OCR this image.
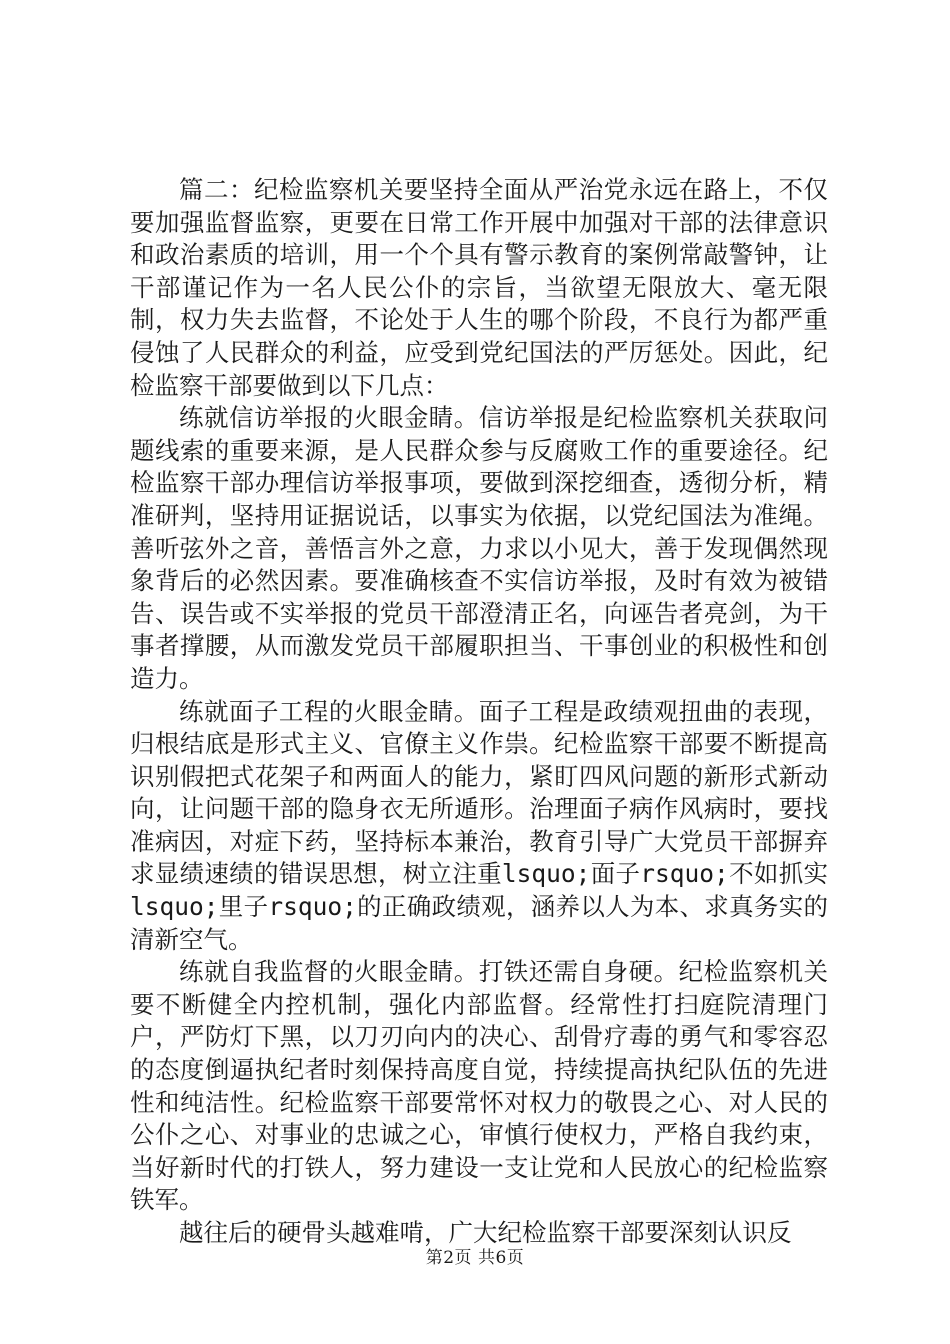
篇二：纪检监察机关要坚持全面从严治党永远在路上，不仅要加强监督监察，更要在日常工作开展中加强对干部的法律意识和政治素质的培训，用一个个具有警示教育的案例常敲警钟，让干部谨记作为一名人民公仆的宗旨，当欲望无限放大、毫无限制，权力失去监督，不论处于人生的哪个阶段，不良行为都严重侵蚀了人民群众的利益，应受到党纪国法的严厉惩处。因此，纪检监察干部要做到以下几点：

练就信访举报的火眼金睛。信访举报是纪检监察机关获取问题线索的重要来源，是人民群众参与反腐败工作的重要途径。纪检监察干部办理信访举报事项，要做到深挖细查，透彻分析，精准研判，坚持用证据说话，以事实为依据，以党纪国法为准绳。善听弦外之音，善悟言外之意，力求以小见大，善于发现偶然现象背后的必然因素。要准确核查不实信访举报，及时有效为被错告、误告或不实举报的党员干部澄清正名，向诬告者亮剑，为干事者撑腰，从而激发党员干部履职担当、干事创业的积极性和创造力。

练就面子工程的火眼金睛。面子工程是政绩观扭曲的表现，归根结底是形式主义、官僚主义作祟。纪检监察干部要不断提高识别假把式花架子和两面人的能力，紧盯四风问题的新形式新动向，让问题干部的隐身衣无所遁形。治理面子病作风病时，要找准病因，对症下药，坚持标本兼治，教育引导广大党员干部摒弃求显绩速绩的错误思想，树立注重lsquo;面子rsquo;不如抓实lsquo;里子rsquo;的正确政绩观，涵养以人为本、求真务实的清新空气。

练就自我监督的火眼金睛。打铁还需自身硬。纪检监察机关要不断健全内控机制，强化内部监督。经常性打扫庭院清理门户，严防灯下黑，以刀刃向内的决心、刮骨疗毒的勇气和零容忍的态度倒逼执纪者时刻保持高度自觉，持续提高执纪队伍的先进性和纯洁性。纪检监察干部要常怀对权力的敬畏之心、对人民的公仆之心、对事业的忠诚之心，审慎行使权力，严格自我约束，当好新时代的打铁人，努力建设一支让党和人民放心的纪检监察铁军。

越往后的硬骨头越难啃，广大纪检监察干部要深刻认识反

第2页 共6页
